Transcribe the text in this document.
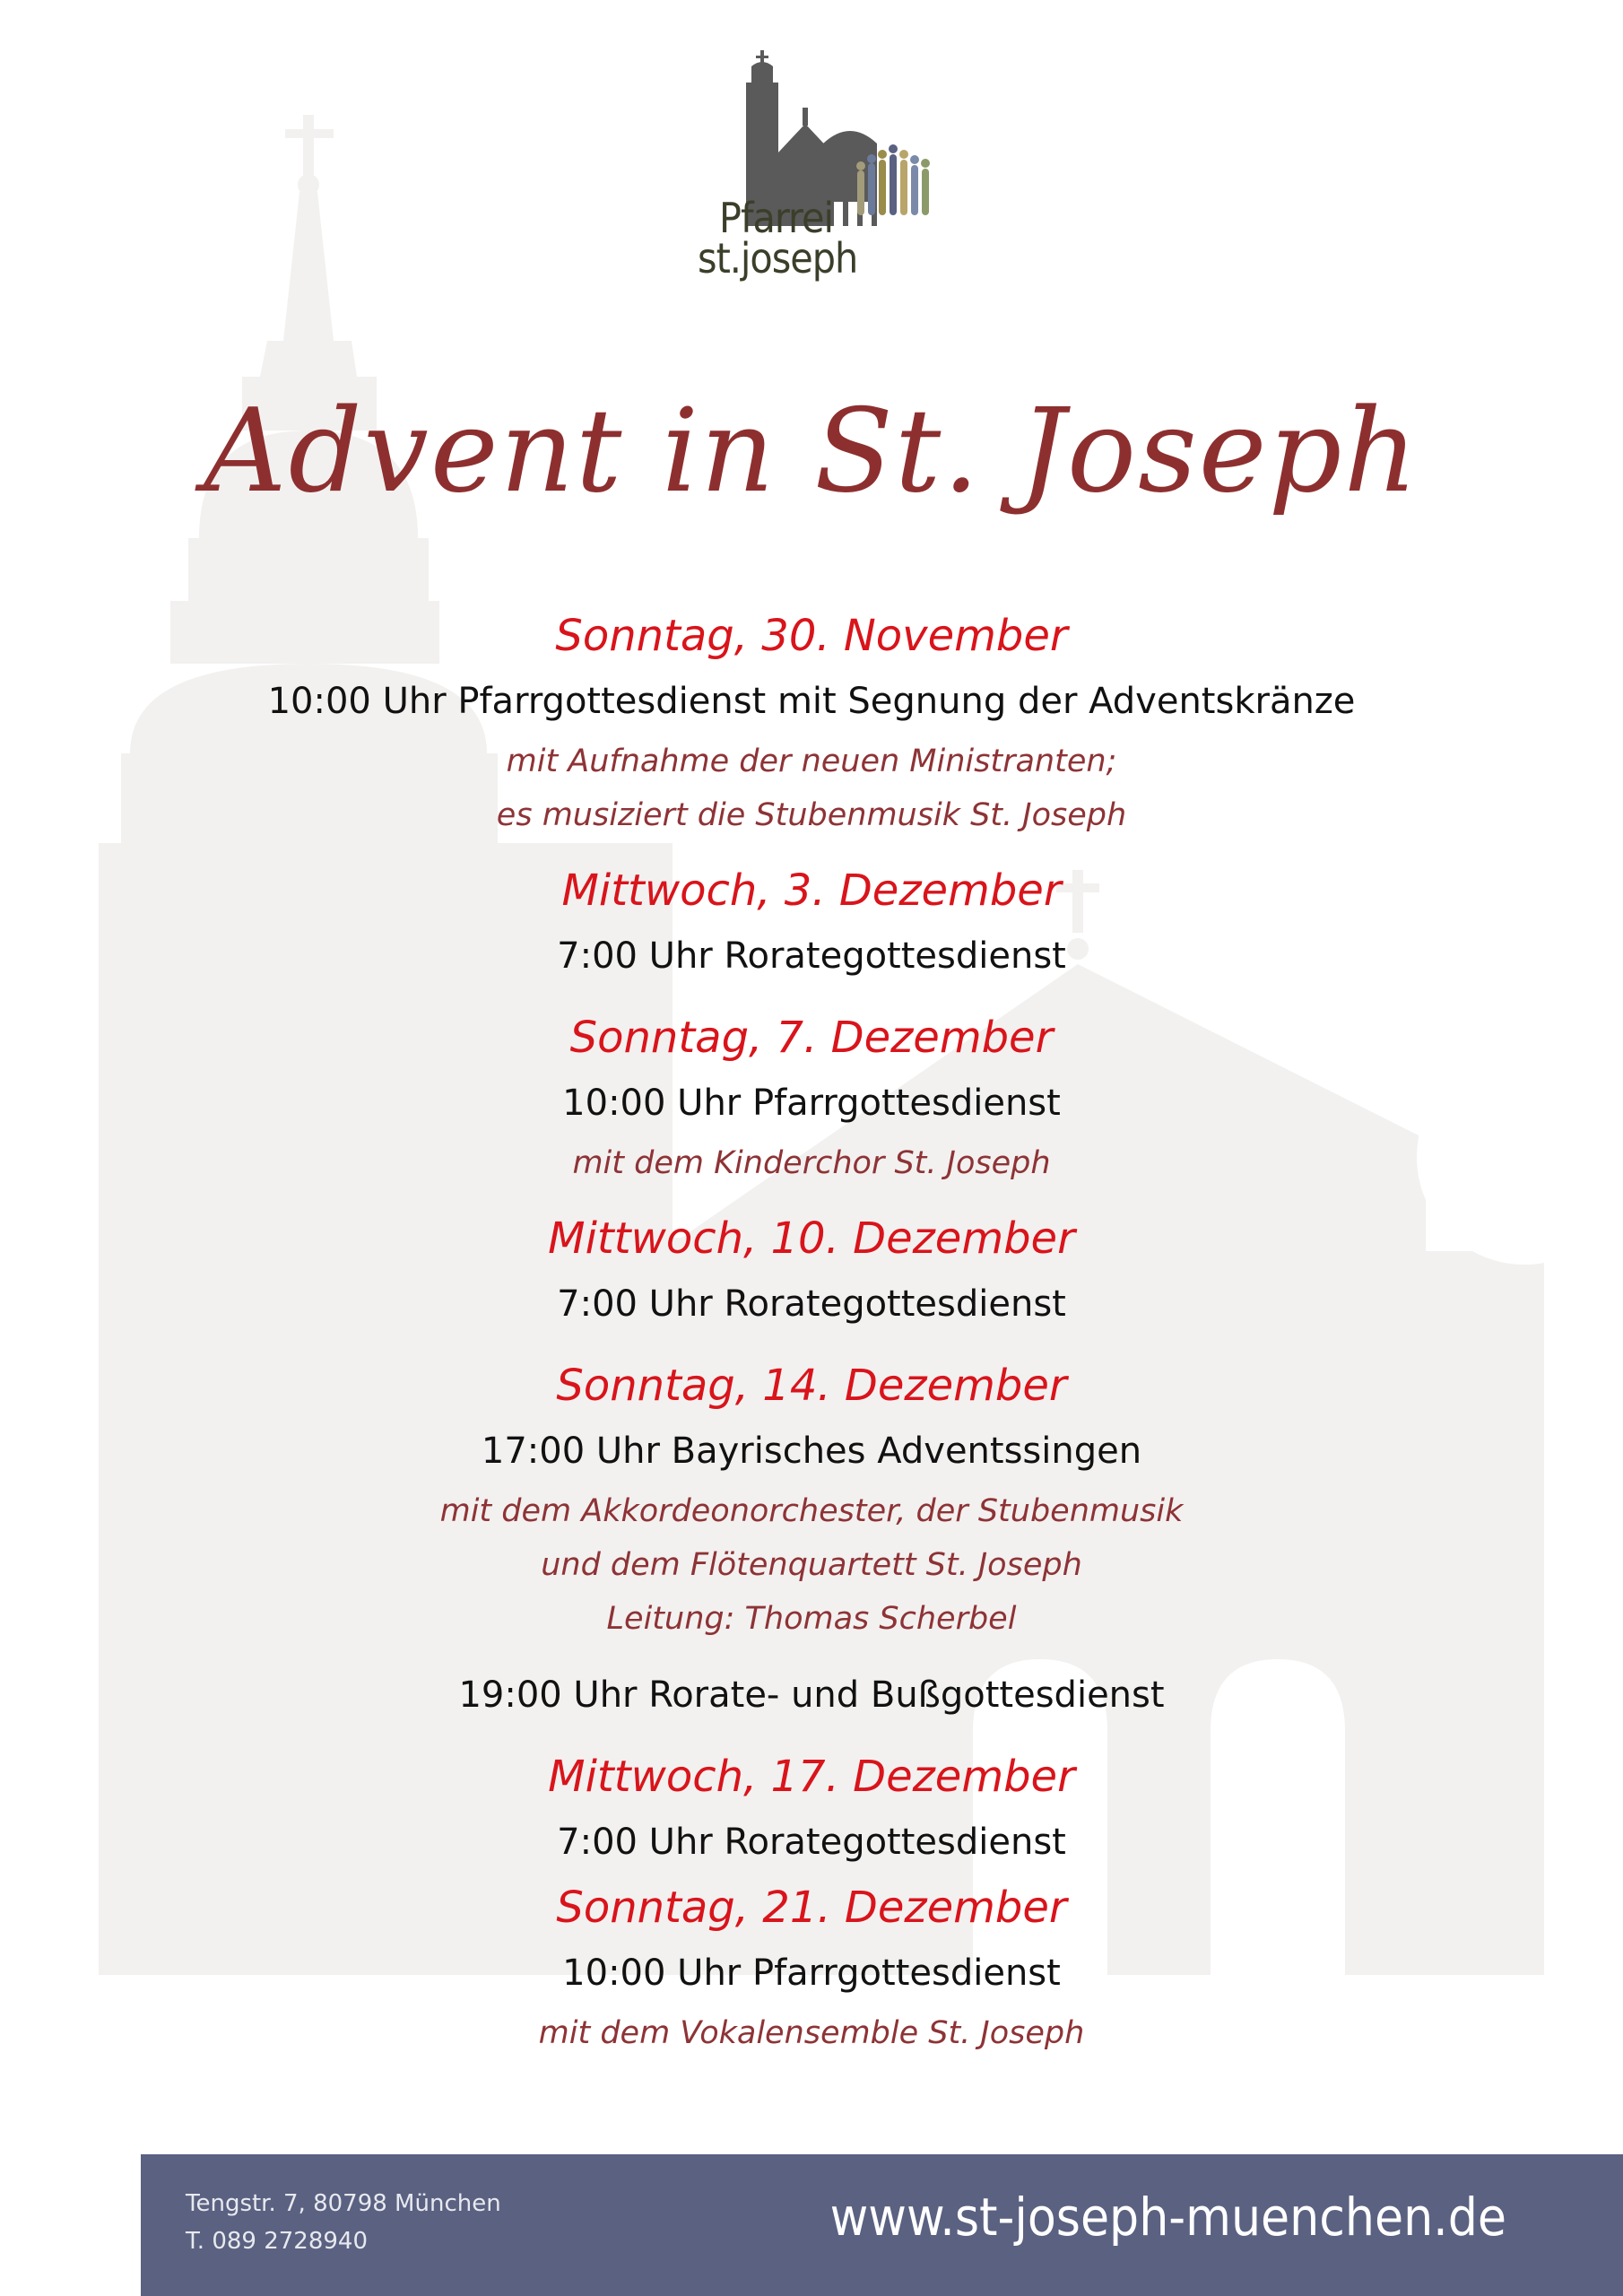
Pfarrei
st.joseph
Advent in St. Joseph
Sonntag, 30. November
10:00 Uhr Pfarrgottesdienst mit Segnung der Adventskränze
mit Aufnahme der neuen Ministranten;
es musiziert die Stubenmusik St. Joseph
Mittwoch, 3. Dezember
7:00 Uhr Rorategottesdienst
Sonntag, 7. Dezember
10:00 Uhr Pfarrgottesdienst
mit dem Kinderchor St. Joseph
Mittwoch, 10. Dezember
7:00 Uhr Rorategottesdienst
Sonntag, 14. Dezember
17:00 Uhr Bayrisches Adventssingen
mit dem Akkordeonorchester, der Stubenmusik
und dem Flötenquartett St. Joseph
Leitung: Thomas Scherbel
19:00 Uhr Rorate- und Bußgottesdienst
Mittwoch, 17. Dezember
7:00 Uhr Rorategottesdienst
Sonntag, 21. Dezember
10:00 Uhr Pfarrgottesdienst
mit dem Vokalensemble St. Joseph
Tengstr. 7, 80798 München
T. 089 2728940	www.st-joseph-muenchen.de
